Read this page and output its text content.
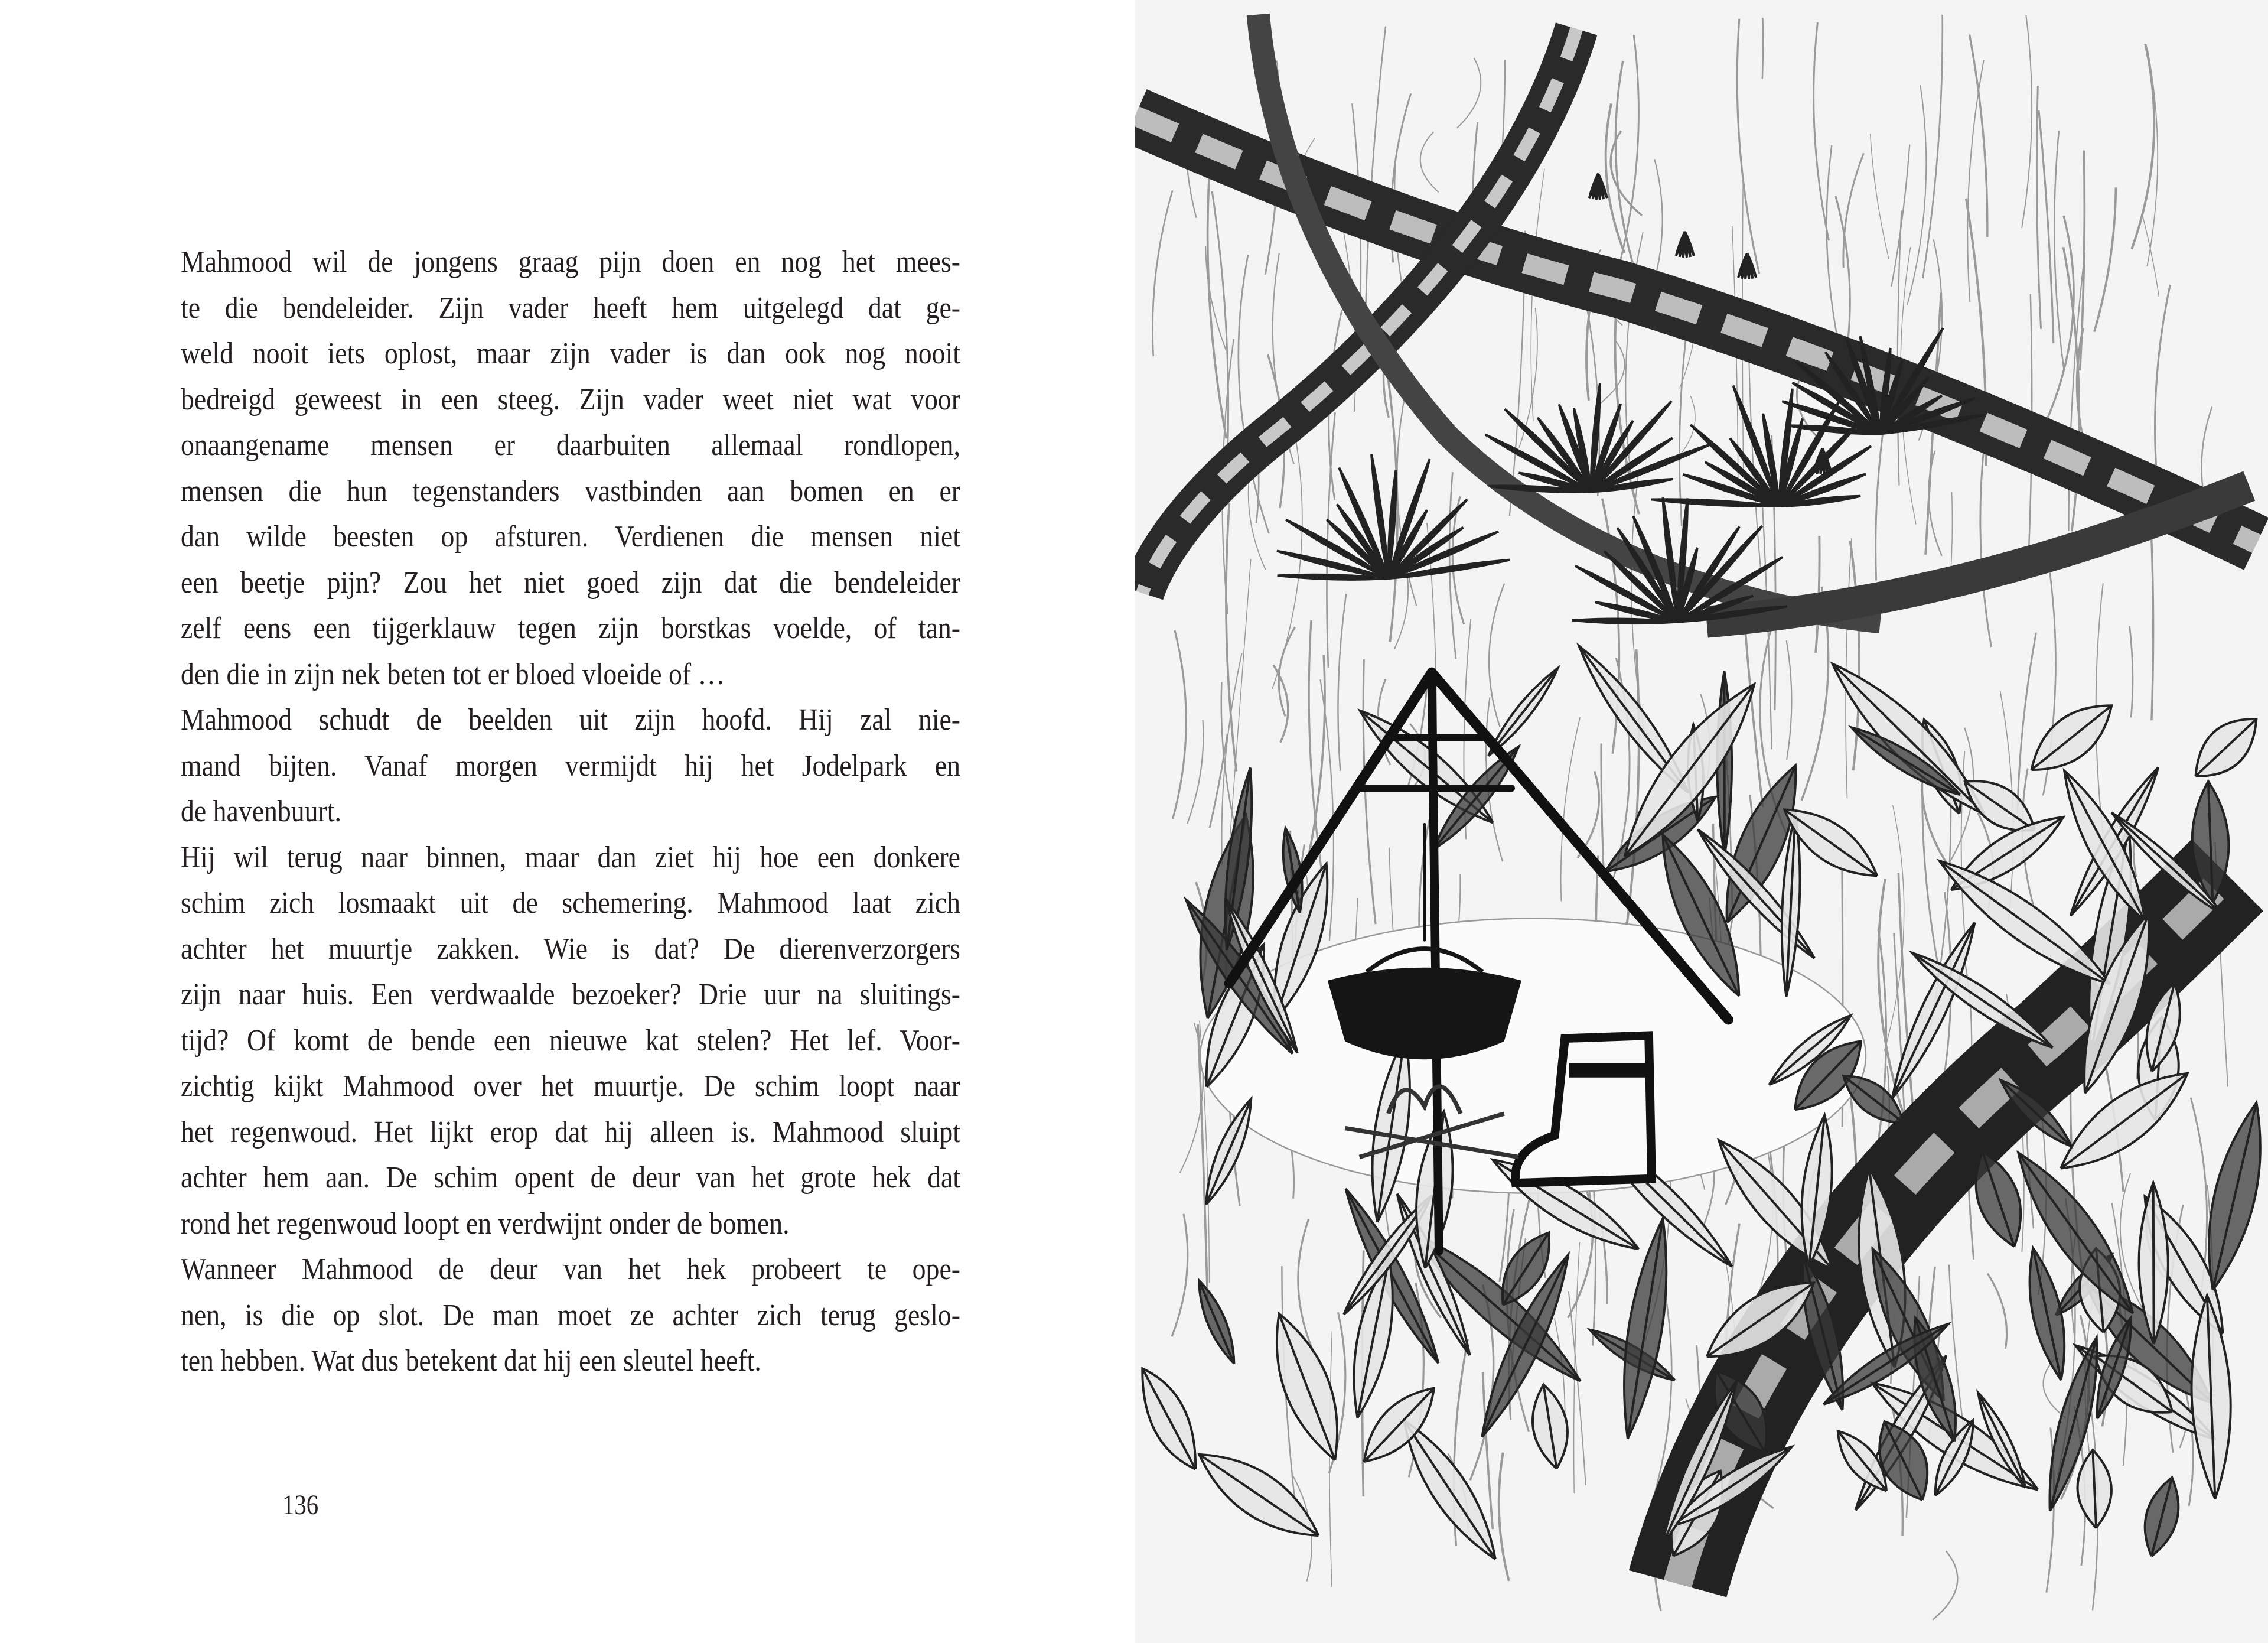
Mahmood wil de jongens graag pijn doen en nog het mees-
te die bendeleider. Zijn vader heeft hem uitgelegd dat ge-
weld nooit iets oplost, maar zijn vader is dan ook nog nooit
bedreigd geweest in een steeg. Zijn vader weet niet wat voor
onaangename mensen er daarbuiten allemaal rondlopen,
mensen die hun tegenstanders vastbinden aan bomen en er
dan wilde beesten op afsturen. Verdienen die mensen niet
een beetje pijn? Zou het niet goed zijn dat die bendeleider
zelf eens een tijgerklauw tegen zijn borstkas voelde, of tan-
den die in zijn nek beten tot er bloed vloeide of …
Mahmood schudt de beelden uit zijn hoofd. Hij zal nie-
mand bijten. Vanaf morgen vermijdt hij het Jodelpark en
de havenbuurt.
Hij wil terug naar binnen, maar dan ziet hij hoe een donkere
schim zich losmaakt uit de schemering. Mahmood laat zich
achter het muurtje zakken. Wie is dat? De dierenverzorgers
zijn naar huis. Een verdwaalde bezoeker? Drie uur na sluitings-
tijd? Of komt de bende een nieuwe kat stelen? Het lef. Voor-
zichtig kijkt Mahmood over het muurtje. De schim loopt naar
het regenwoud. Het lijkt erop dat hij alleen is. Mahmood sluipt
achter hem aan. De schim opent de deur van het grote hek dat
rond het regenwoud loopt en verdwijnt onder de bomen.
Wanneer Mahmood de deur van het hek probeert te ope-
nen, is die op slot. De man moet ze achter zich terug geslo-
ten hebben. Wat dus betekent dat hij een sleutel heeft.
136
